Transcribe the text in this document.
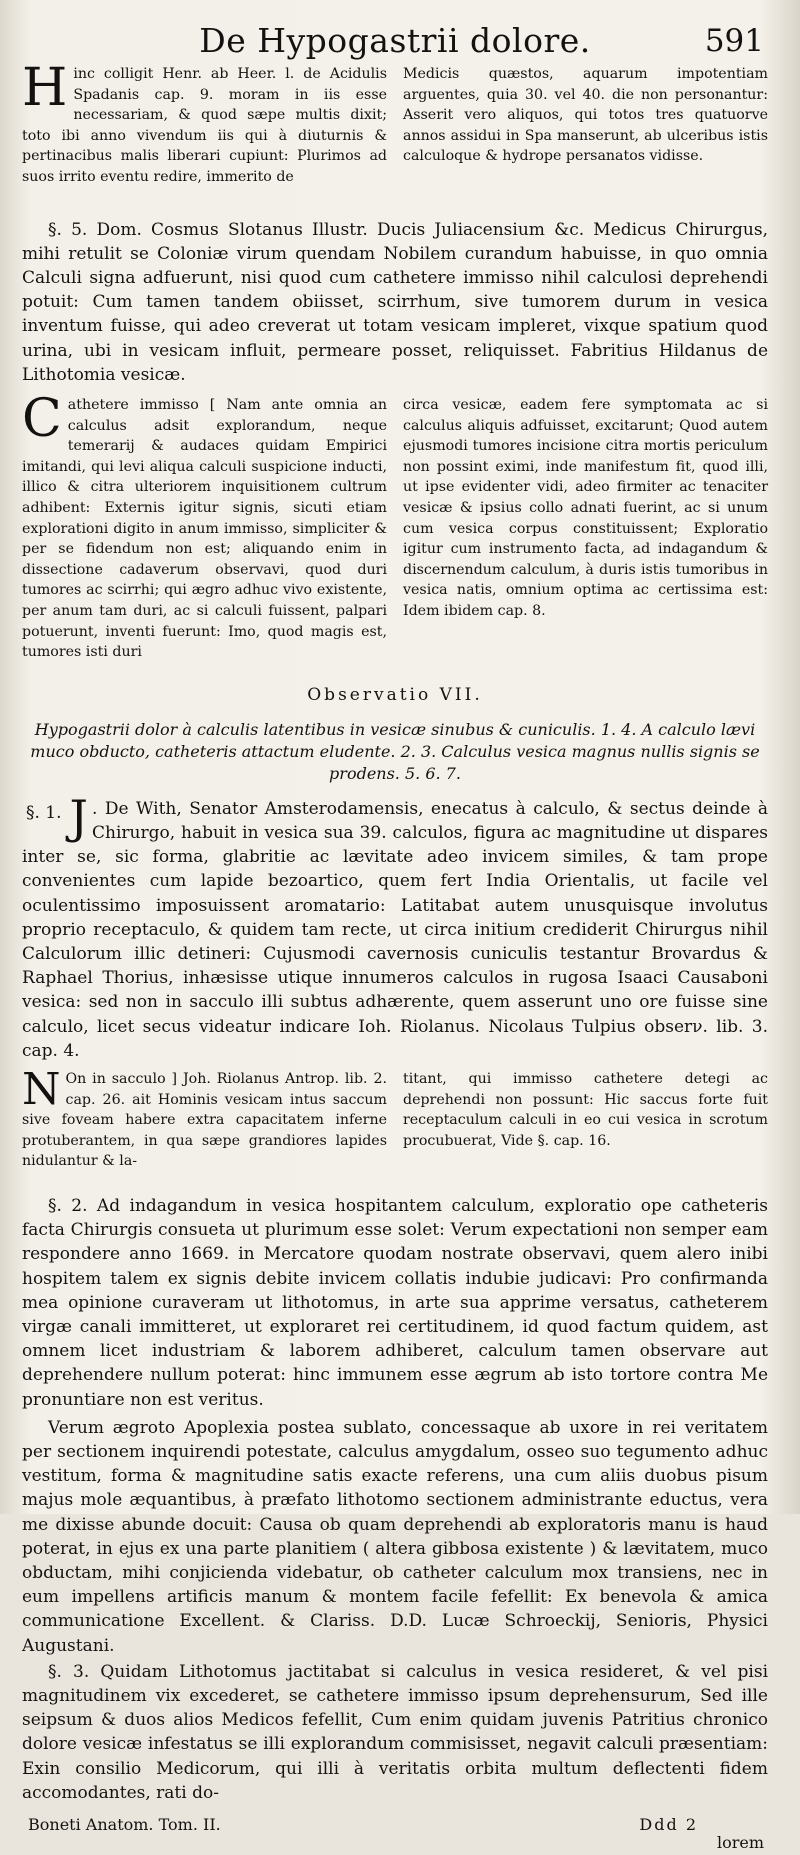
De Hypogastrii dolore.	591

Hinc colligit Henr. ab Heer. l. de Acidulis Spadanis cap. 9. moram in iis esse necessariam, & quod sæpe multis dixit; toto ibi anno vivendum iis qui à diuturnis & pertinacibus malis liberari cupiunt: Plurimos ad suos irrito eventu redire, immerito de

Medicis quæstos, aquarum impotentiam arguentes, quia 30. vel 40. die non personantur: Asserit vero aliquos, qui totos tres quatuorve annos assidui in Spa manserunt, ab ulceribus istis calculoque & hydrope persanatos vidisse.

§. 5. Dom. Cosmus Slotanus Illustr. Ducis Juliacensium &c. Medicus Chirurgus, mihi retulit se Coloniæ virum quendam Nobilem curandum habuisse, in quo omnia Calculi signa adfuerunt, nisi quod cum cathetere immisso nihil calculosi deprehendi potuit: Cum tamen tandem obiisset, scirrhum, sive tumorem durum in vesica inventum fuisse, qui adeo creverat ut totam vesicam impleret, vixque spatium quod urina, ubi in vesicam influit, permeare posset, reliquisset. Fabritius Hildanus de Lithotomia vesicæ.

Cathetere immisso [ Nam ante omnia an calculus adsit explorandum, neque temerarij & audaces quidam Empirici imitandi, qui levi aliqua calculi suspicione inducti, illico & citra ulteriorem inquisitionem cultrum adhibent: Externis igitur signis, sicuti etiam explorationi digito in anum immisso, simpliciter & per se fidendum non est; aliquando enim in dissectione cadaverum observavi, quod duri tumores ac scirrhi; qui ægro adhuc vivo existente, per anum tam duri, ac si calculi fuissent, palpari potuerunt, inventi fuerunt: Imo, quod magis est, tumores isti duri

circa vesicæ, eadem fere symptomata ac si calculus aliquis adfuisset, excitarunt; Quod autem ejusmodi tumores incisione citra mortis periculum non possint eximi, inde manifestum fit, quod illi, ut ipse evidenter vidi, adeo firmiter ac tenaciter vesicæ & ipsius collo adnati fuerint, ac si unum cum vesica corpus constituissent; Exploratio igitur cum instrumento facta, ad indagandum & discernendum calculum, à duris istis tumoribus in vesica natis, omnium optima ac certissima est: Idem ibidem cap. 8.

Observatio VII.
Hypogastrii dolor à calculis latentibus in vesicæ sinubus & cuniculis. 1. 4. A calculo lævi muco obducto, catheteris attactum eludente. 2. 3. Calculus vesica magnus nullis signis se prodens. 5. 6. 7.

§. 1. J . De With, Senator Amsterodamensis, enecatus à calculo, & sectus deinde à Chirurgo, habuit in vesica sua 39. calculos, figura ac magnitudine ut dispares inter se, sic forma, glabritie ac lævitate adeo invicem similes, & tam prope convenientes cum lapide bezoartico, quem fert India Orientalis, ut facile vel oculentissimo imposuissent aromatario: Latitabat autem unusquisque involutus proprio receptaculo, & quidem tam recte, ut circa initium crediderit Chirurgus nihil Calculorum illic detineri: Cujusmodi cavernosis cuniculis testantur Brovardus & Raphael Thorius, inhæsisse utique innumeros calculos in rugosa Isaaci Causaboni vesica: sed non in sacculo illi subtus adhærente, quem asserunt uno ore fuisse sine calculo, licet secus videatur indicare Ioh. Riolanus. Nicolaus Tulpius obserν. lib. 3. cap. 4.

N On in sacculo ] Joh. Riolanus Antrop. lib. 2. cap. 26. ait Hominis vesicam intus saccum sive foveam habere extra capacitatem inferne protuberantem, in qua sæpe grandiores lapides nidulantur & la-

titant, qui immisso cathetere detegi ac deprehendi non possunt: Hic saccus forte fuit receptaculum calculi in eo cui vesica in scrotum procubuerat, Vide §. cap. 16.

§. 2. Ad indagandum in vesica hospitantem calculum, exploratio ope catheteris facta Chirurgis consueta ut plurimum esse solet: Verum expectationi non semper eam respondere anno 1669. in Mercatore quodam nostrate observavi, quem alero inibi hospitem talem ex signis debite invicem collatis indubie judicavi: Pro confirmanda mea opinione curaveram ut lithotomus, in arte sua apprime versatus, catheterem virgæ canali immitteret, ut exploraret rei certitudinem, id quod factum quidem, ast omnem licet industriam & laborem adhiberet, calculum tamen observare aut deprehendere nullum poterat: hinc immunem esse ægrum ab isto tortore contra Me pronuntiare non est veritus.

Verum ægroto Apoplexia postea sublato, concessaque ab uxore in rei veritatem per sectionem inquirendi potestate, calculus amygdalum, osseo suo tegumento adhuc vestitum, forma & magnitudine satis exacte referens, una cum aliis duobus pisum majus mole æquantibus, à præfato lithotomo sectionem administrante eductus, vera me dixisse abunde docuit: Causa ob quam deprehendi ab exploratoris manu is haud poterat, in ejus ex una parte planitiem ( altera gibbosa existente ) & lævitatem, muco obductam, mihi conjicienda videbatur, ob catheter calculum mox transiens, nec in eum impellens artificis manum & montem facile fefellit: Ex benevola & amica communicatione Excellent. & Clariss. D.D. Lucæ Schroeckij, Senioris, Physici Augustani.

§. 3. Quidam Lithotomus jactitabat si calculus in vesica resideret, & vel pisi magnitudinem vix excederet, se cathetere immisso ipsum deprehensurum, Sed ille seipsum & duos alios Medicos fefellit, Cum enim quidam juvenis Patritius chronico dolore vesicæ infestatus se illi explorandum commisisset, negavit calculi præsentiam: Exin consilio Medicorum, qui illi à veritatis orbita multum deflectenti fidem accomodantes, rati do-

Boneti Anatom. Tom. II.	Ddd 2
lorem
